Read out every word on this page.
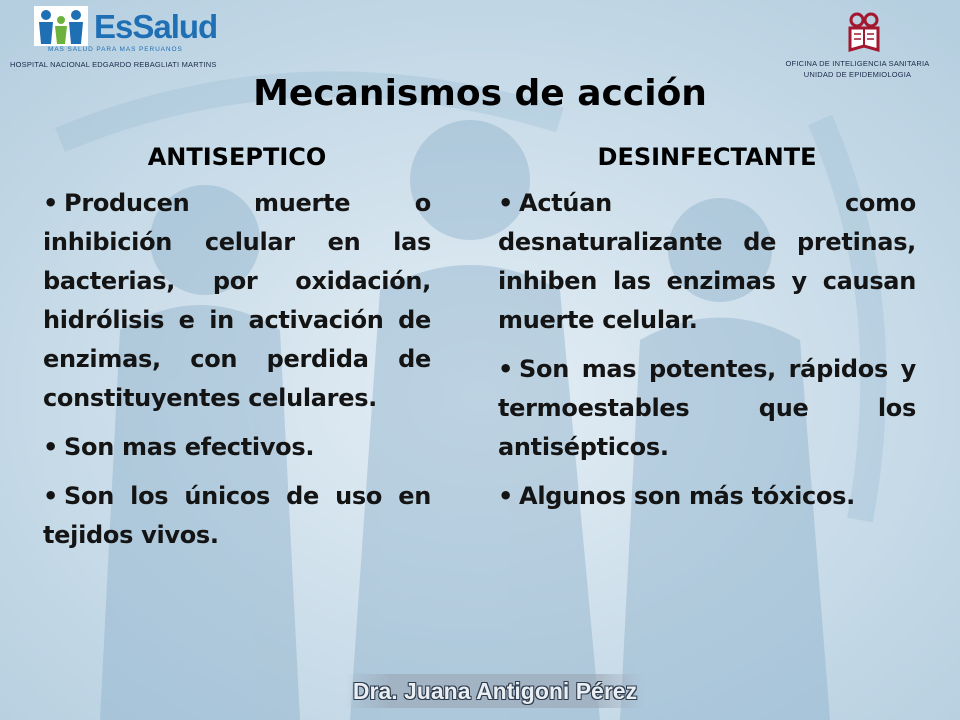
EsSalud
MAS SALUD PARA MAS PERUANOS
HOSPITAL NACIONAL EDGARDO REBAGLIATI MARTINS	OFICINA DE INTELIGENCIA SANITARIA
UNIDAD DE EPIDEMIOLOGIA
Mecanismos de acción
ANTISEPTICO

• Producen muerte o inhibición celular en las bacterias, por oxidación, hidrólisis e in activación de enzimas, con perdida de constituyentes celulares.

• Son mas efectivos.

• Son los únicos de uso en tejidos vivos.

DESINFECTANTE

• Actúan como desnaturalizante de pretinas, inhiben las enzimas y causan muerte celular.

• Son mas potentes, rápidos y termoestables que los antisépticos.

• Algunos son más tóxicos.

Dra. Juana Antigoni Pérez
